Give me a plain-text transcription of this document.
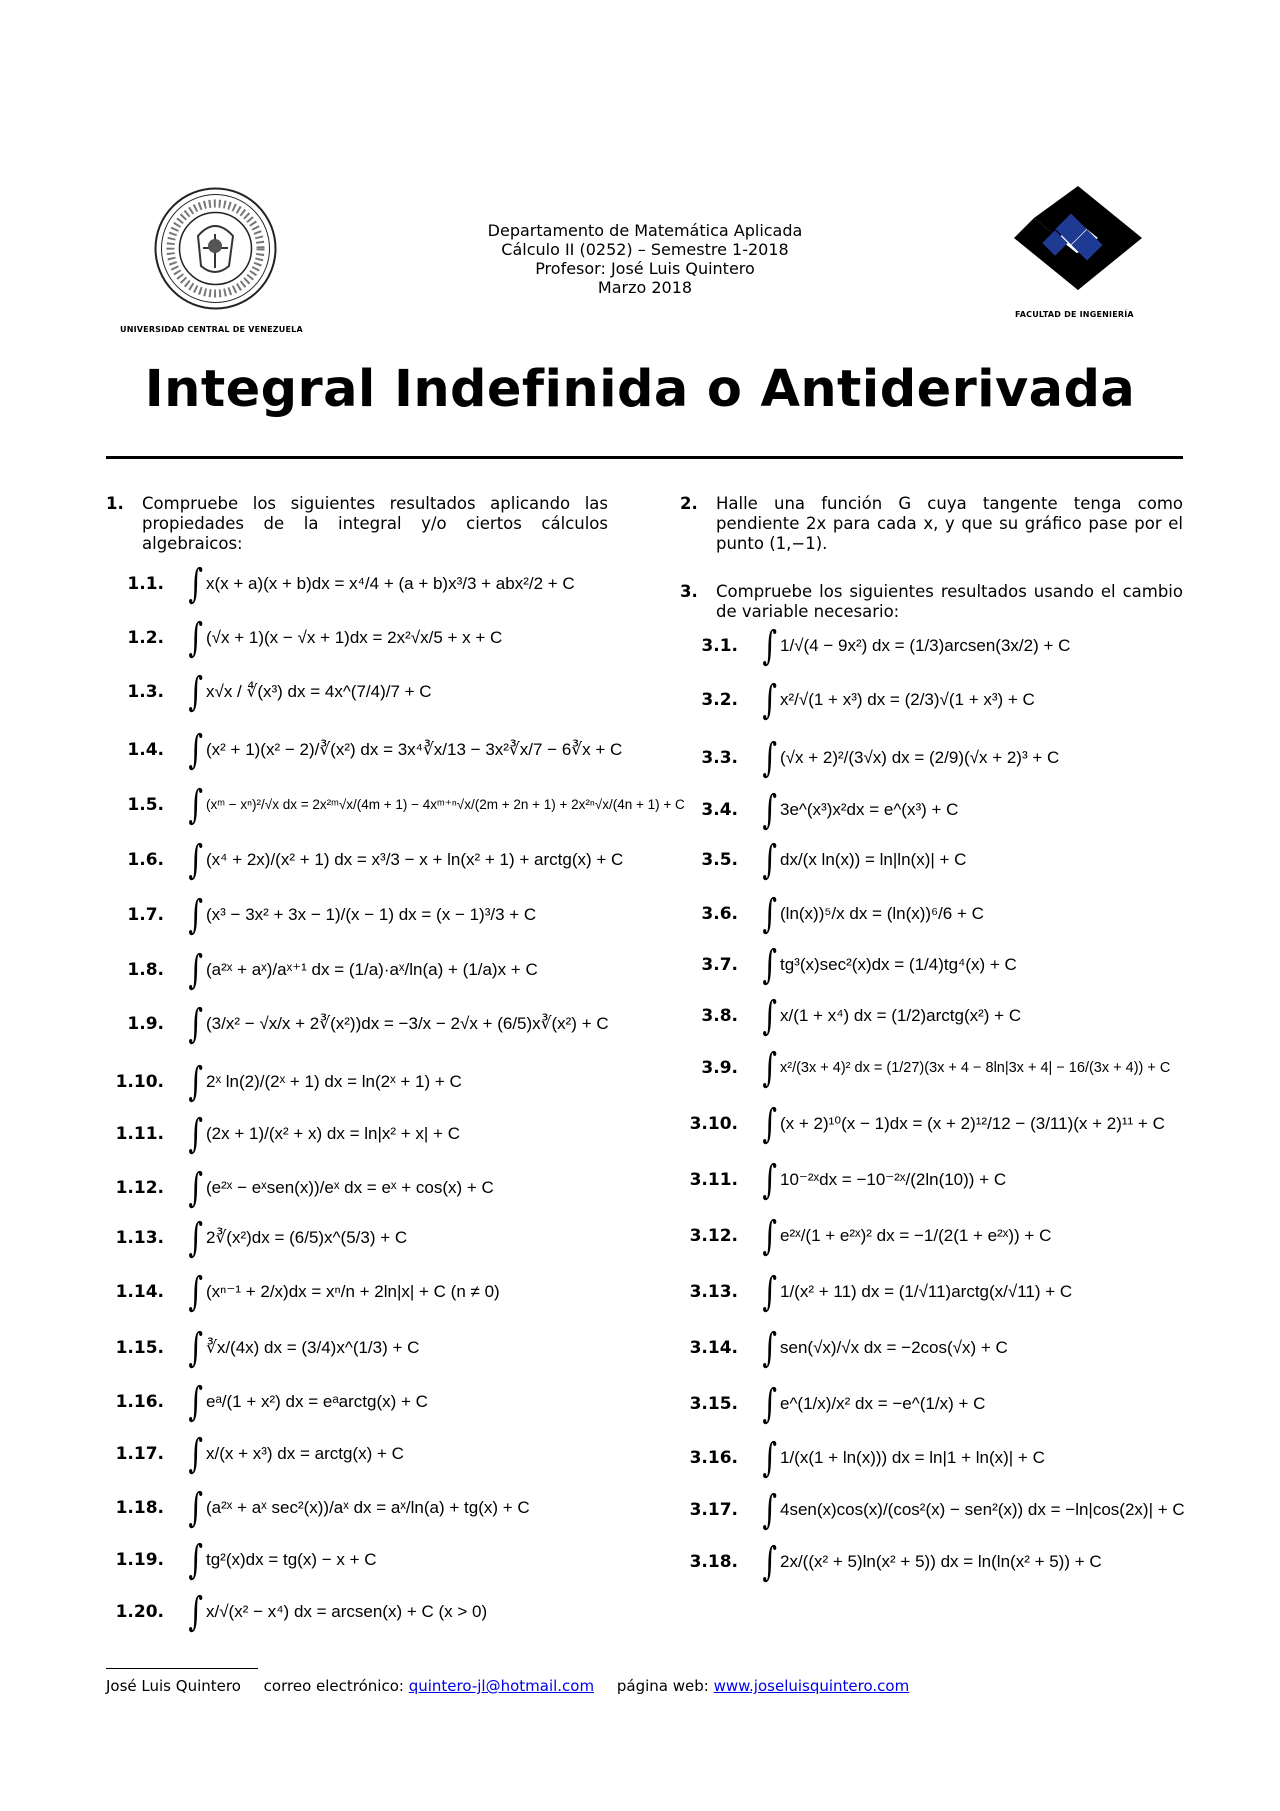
UNIVERSIDAD CENTRAL DE VENEZUELA
Departamento de Matemática Aplicada
Cálculo II (0252) – Semestre 1-2018
Profesor: José Luis Quintero
Marzo 2018
FACULTAD DE INGENIERÍA
Integral Indefinida o Antiderivada
1.	Compruebe los siguientes resultados aplicando las propiedades de la integral y/o ciertos cálculos algebraicos:
1.1. ∫ x(x + a)(x + b)dx = x⁴/4 + (a + b)x³/3 + abx²/2 + C
1.2. ∫ (√x + 1)(x − √x + 1)dx = 2x²√x/5 + x + C
1.3. ∫ x√x / ∜(x³) dx = 4x^(7/4)/7 + C
1.4. ∫ (x² + 1)(x² − 2)/∛(x²) dx = 3x⁴∛x/13 − 3x²∛x/7 − 6∛x + C
1.5. ∫ (xᵐ − xⁿ)²/√x dx = 2x²ᵐ√x/(4m + 1) − 4xᵐ⁺ⁿ√x/(2m + 2n + 1) + 2x²ⁿ√x/(4n + 1) + C
1.6. ∫ (x⁴ + 2x)/(x² + 1) dx = x³/3 − x + ln(x² + 1) + arctg(x) + C
1.7. ∫ (x³ − 3x² + 3x − 1)/(x − 1) dx = (x − 1)³/3 + C
1.8. ∫ (a²ˣ + aˣ)/aˣ⁺¹ dx = (1/a)·aˣ/ln(a) + (1/a)x + C
1.9. ∫ (3/x² − √x/x + 2∛(x²))dx = −3/x − 2√x + (6/5)x∛(x²) + C
1.10. ∫ 2ˣ ln(2)/(2ˣ + 1) dx = ln(2ˣ + 1) + C
1.11. ∫ (2x + 1)/(x² + x) dx = ln|x² + x| + C
1.12. ∫ (e²ˣ − eˣsen(x))/eˣ dx = eˣ + cos(x) + C
1.13. ∫ 2∛(x²)dx = (6/5)x^(5/3) + C
1.14. ∫ (xⁿ⁻¹ + 2/x)dx = xⁿ/n + 2ln|x| + C (n ≠ 0)
1.15. ∫ ∛x/(4x) dx = (3/4)x^(1/3) + C
1.16. ∫ eᵃ/(1 + x²) dx = eᵃarctg(x) + C
1.17. ∫ x/(x + x³) dx = arctg(x) + C
1.18. ∫ (a²ˣ + aˣ sec²(x))/aˣ dx = aˣ/ln(a) + tg(x) + C
1.19. ∫ tg²(x)dx = tg(x) − x + C
1.20. ∫ x/√(x² − x⁴) dx = arcsen(x) + C (x > 0)
2.	Halle una función G cuya tangente tenga como pendiente 2x para cada x, y que su gráfico pase por el punto (1,−1).
3.	Compruebe los siguientes resultados usando el cambio de variable necesario:
3.1. ∫ 1/√(4 − 9x²) dx = (1/3)arcsen(3x/2) + C
3.2. ∫ x²/√(1 + x³) dx = (2/3)√(1 + x³) + C
3.3. ∫ (√x + 2)²/(3√x) dx = (2/9)(√x + 2)³ + C
3.4. ∫ 3e^(x³)x²dx = e^(x³) + C
3.5. ∫ dx/(x ln(x)) = ln|ln(x)| + C
3.6. ∫ (ln(x))⁵/x dx = (ln(x))⁶/6 + C
3.7. ∫ tg³(x)sec²(x)dx = (1/4)tg⁴(x) + C
3.8. ∫ x/(1 + x⁴) dx = (1/2)arctg(x²) + C
3.9. ∫ x²/(3x + 4)² dx = (1/27)(3x + 4 − 8ln|3x + 4| − 16/(3x + 4)) + C
3.10. ∫ (x + 2)¹⁰(x − 1)dx = (x + 2)¹²/12 − (3/11)(x + 2)¹¹ + C
3.11. ∫ 10⁻²ˣdx = −10⁻²ˣ/(2ln(10)) + C
3.12. ∫ e²ˣ/(1 + e²ˣ)² dx = −1/(2(1 + e²ˣ)) + C
3.13. ∫ 1/(x² + 11) dx = (1/√11)arctg(x/√11) + C
3.14. ∫ sen(√x)/√x dx = −2cos(√x) + C
3.15. ∫ e^(1/x)/x² dx = −e^(1/x) + C
3.16. ∫ 1/(x(1 + ln(x))) dx = ln|1 + ln(x)| + C
3.17. ∫ 4sen(x)cos(x)/(cos²(x) − sen²(x)) dx = −ln|cos(2x)| + C
3.18. ∫ 2x/((x² + 5)ln(x² + 5)) dx = ln(ln(x² + 5)) + C
José Luis Quintero correo electrónico: quintero-jl@hotmail.com página web: www.joseluisquintero.com
